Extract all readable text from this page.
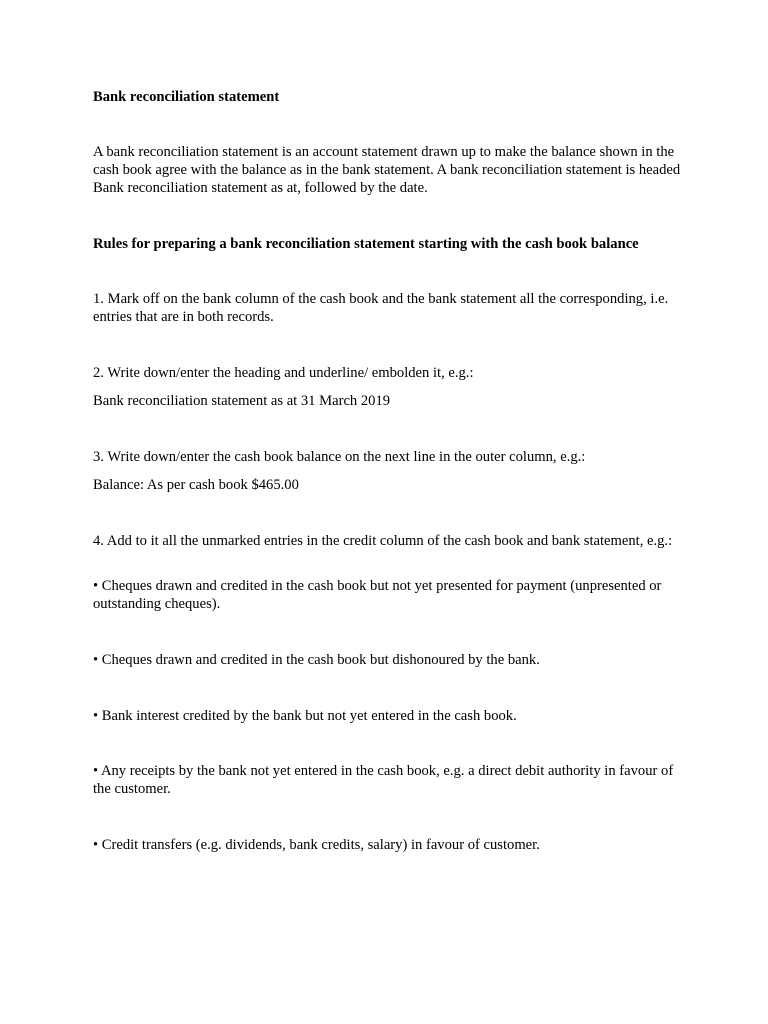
Bank reconciliation statement

A bank reconciliation statement is an account statement drawn up to make the balance shown in the cash book agree with the balance as in the bank statement. A bank reconciliation statement is headed Bank reconciliation statement as at, followed by the date.

Rules for preparing a bank reconciliation statement starting with the cash book balance

1. Mark off on the bank column of the cash book and the bank statement all the corresponding, i.e. entries that are in both records.

2. Write down/enter the heading and underline/ embolden it, e.g.:

Bank reconciliation statement as at 31 March 2019

3. Write down/enter the cash book balance on the next line in the outer column, e.g.:

Balance: As per cash book $465.00

4. Add to it all the unmarked entries in the credit column of the cash book and bank statement, e.g.:

• Cheques drawn and credited in the cash book but not yet presented for payment (unpresented or outstanding cheques).

• Cheques drawn and credited in the cash book but dishonoured by the bank.

• Bank interest credited by the bank but not yet entered in the cash book.

• Any receipts by the bank not yet entered in the cash book, e.g. a direct debit authority in favour of the customer.

• Credit transfers (e.g. dividends, bank credits, salary) in favour of customer.
